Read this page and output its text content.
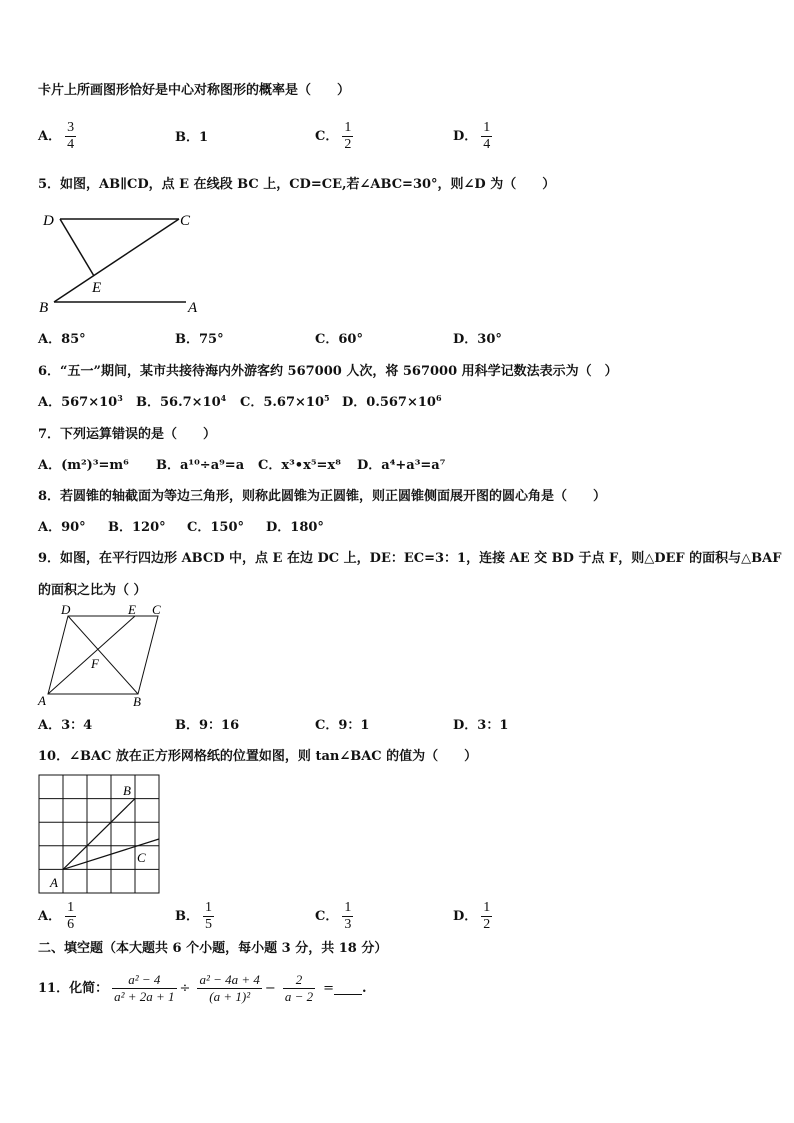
卡片上所画图形恰好是中心对称图形的概率是（　　）
A． $\frac{3}{4}$	B．1	C． $\frac{1}{2}$	D． $\frac{1}{4}$
5．如图，AB∥CD，点 E 在线段 BC 上，CD=CE,若∠ABC=30°，则∠D 为（　　）
D	C
E
B	A
A．85°	B．75°	C．60°	D．30°
6．“五一”期间，某市共接待海内外游客约 567000 人次，将 567000 用科学记数法表示为（　）
A．$567\times 10^3$ B．$56.7\times 10^4$ C．$5.67\times 10^5$ D．$0.567\times 10^6$
7．下列运算错误的是（　　）
A．(m²)³=m⁶ B．a¹⁰÷a⁹=a C．x³•x⁵=x⁸ D．a⁴+a³=a⁷
8．若圆锥的轴截面为等边三角形，则称此圆锥为正圆锥，则正圆锥侧面展开图的圆心角是（　　）
A．90° B．120° C．150° D．180°
9．如图，在平行四边形 ABCD 中，点 E 在边 DC 上，DE：EC=3：1，连接 AE 交 BD 于点 F，则△DEF 的面积与△BAF
的面积之比为（ ）
D	E C
F
A	B
A．3：4	B．9：16	C．9：1	D．3：1
10．∠BAC 放在正方形网格纸的位置如图，则 tan∠BAC 的值为（　　）
B
C
A
A． $\frac{1}{6}$	B． $\frac{1}{5}$	C． $\frac{1}{3}$	D． $\frac{1}{2}$
二、填空题（本大题共 6 个小题，每小题 3 分，共 18 分）
11．化简： $\frac{\text{a² − 4}}{\text{a² + 2a + 1}} \div \frac{\text{a² − 4a + 4}}{\text{(a + 1)²}} - \frac{2}{a - 2}$ = .
